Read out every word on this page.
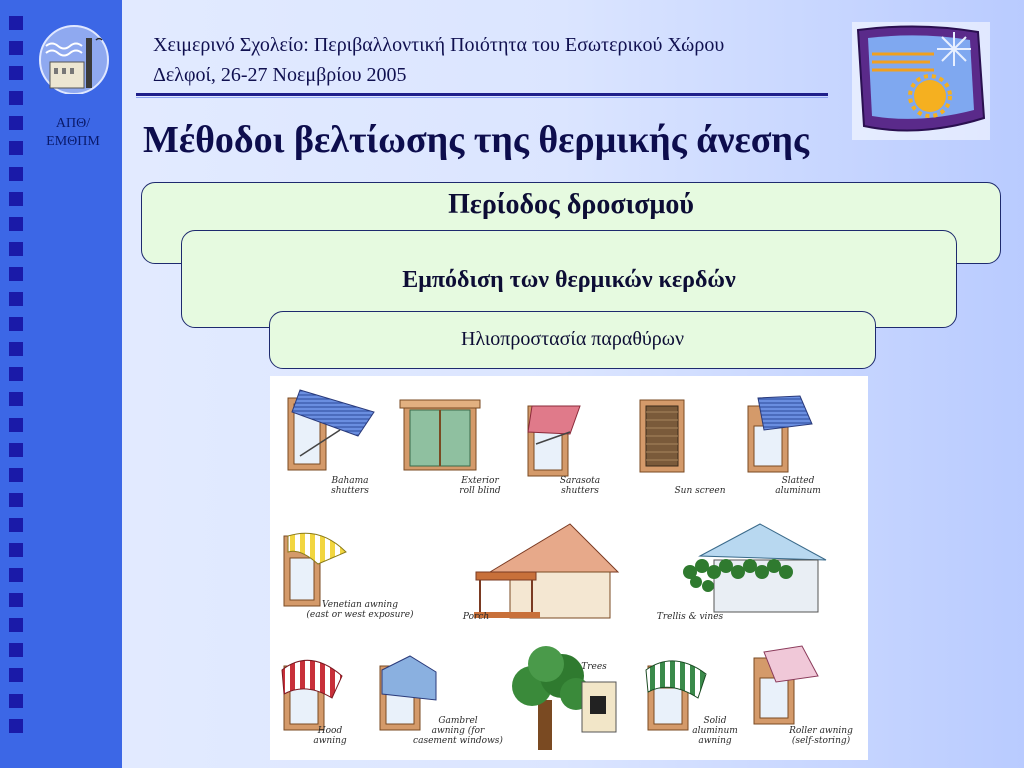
ΑΠΘ/
ΕΜΘΠΜ
Χειμερινό Σχολείο: Περιβαλλοντική Ποιότητα του Εσωτερικού Χώρου
Δελφοί, 26-27 Νοεμβρίου 2005
Μέθοδοι βελτίωσης της θερμικής άνεσης
Περίοδος δροσισμού
Εμπόδιση των θερμικών κερδών
Ηλιοπροστασία παραθύρων
Bahama
shutters
Exterior
roll blind
Sarasota
shutters	Sun screen
Slatted
aluminum
Venetian awning
(east or west exposure)	Porch	Trellis & vines
Hood
awning
Gambrel
awning (for
casement windows)
Trees
Solid
aluminum
awning
Roller awning
(self-storing)
